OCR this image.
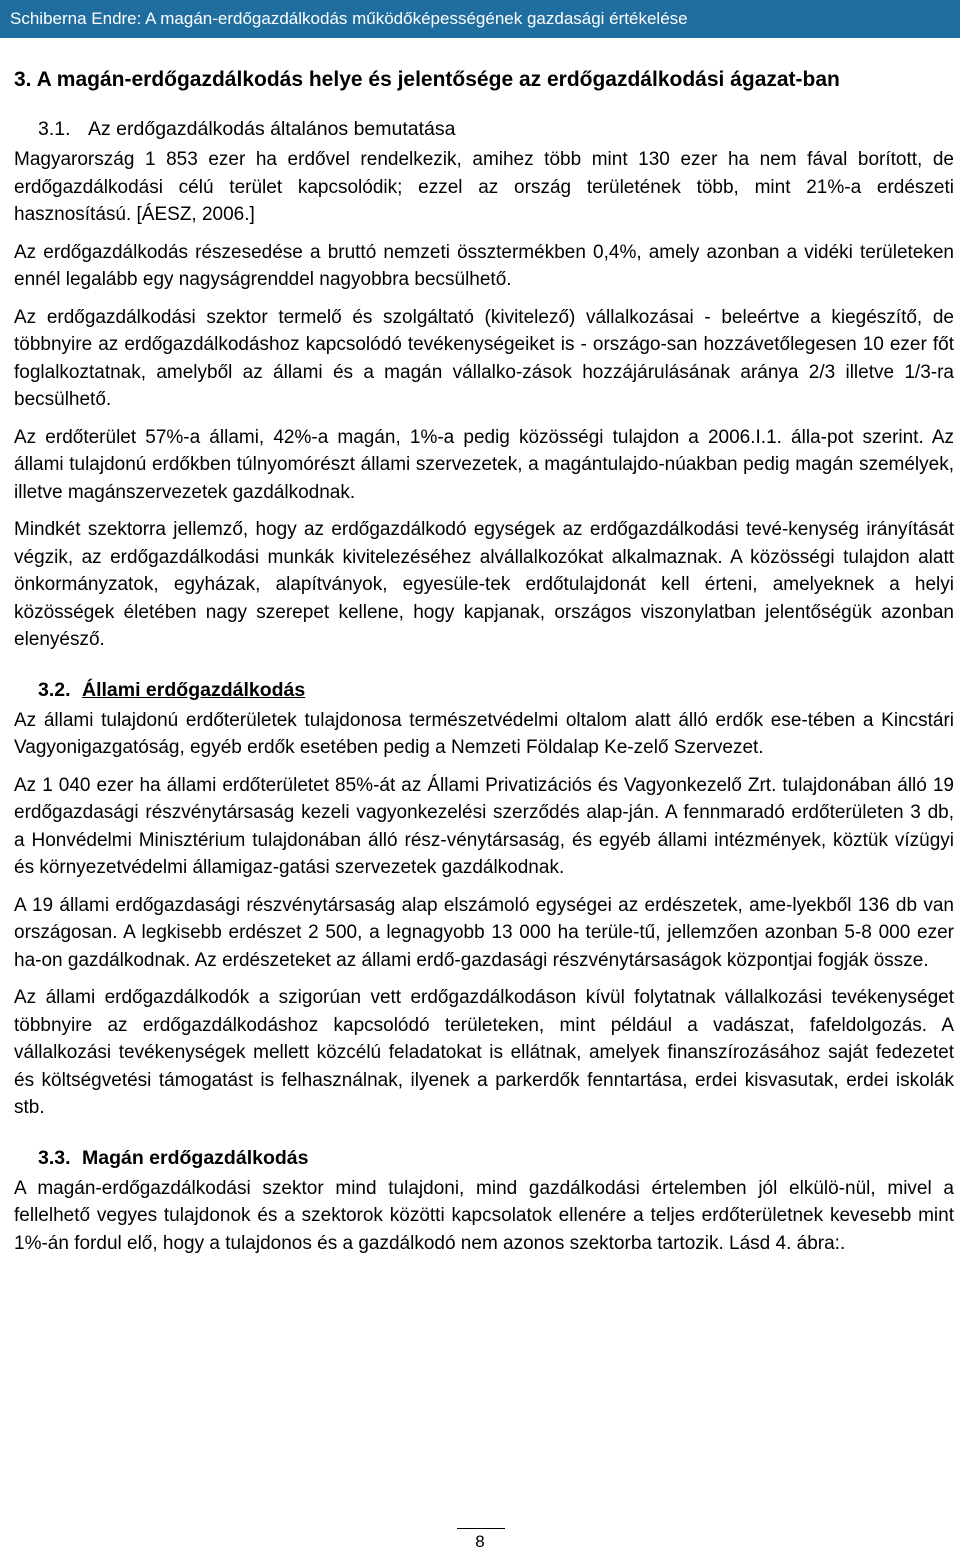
Schiberna Endre: A magán-erdőgazdálkodás működőképességének gazdasági értékelése
3. A magán-erdőgazdálkodás helye és jelentősége az erdőgazdálkodási ágazat-ban
3.1. Az erdőgazdálkodás általános bemutatása

Magyarország 1 853 ezer ha erdővel rendelkezik, amihez több mint 130 ezer ha nem fával borított, de erdőgazdálkodási célú terület kapcsolódik; ezzel az ország területének több, mint 21%-a erdészeti hasznosítású. [ÁESZ, 2006.]

Az erdőgazdálkodás részesedése a bruttó nemzeti össztermékben 0,4%, amely azonban a vidéki területeken ennél legalább egy nagyságrenddel nagyobbra becsülhető.

Az erdőgazdálkodási szektor termelő és szolgáltató (kivitelező) vállalkozásai - beleértve a kiegészítő, de többnyire az erdőgazdálkodáshoz kapcsolódó tevékenységeiket is - országo-san hozzávetőlegesen 10 ezer főt foglalkoztatnak, amelyből az állami és a magán vállalko-zások hozzájárulásának aránya 2/3 illetve 1/3-ra becsülhető.

Az erdőterület 57%-a állami, 42%-a magán, 1%-a pedig közösségi tulajdon a 2006.I.1. álla-pot szerint. Az állami tulajdonú erdőkben túlnyomórészt állami szervezetek, a magántulajdo-núakban pedig magán személyek, illetve magánszervezetek gazdálkodnak.

Mindkét szektorra jellemző, hogy az erdőgazdálkodó egységek az erdőgazdálkodási tevé-kenység irányítását végzik, az erdőgazdálkodási munkák kivitelezéséhez alvállalkozókat alkalmaznak. A közösségi tulajdon alatt önkormányzatok, egyházak, alapítványok, egyesüle-tek erdőtulajdonát kell érteni, amelyeknek a helyi közösségek életében nagy szerepet kellene, hogy kapjanak, országos viszonylatban jelentőségük azonban elenyésző.

3.2. Állami erdőgazdálkodás

Az állami tulajdonú erdőterületek tulajdonosa természetvédelmi oltalom alatt álló erdők ese-tében a Kincstári Vagyonigazgatóság, egyéb erdők esetében pedig a Nemzeti Földalap Ke-zelő Szervezet.

Az 1 040 ezer ha állami erdőterületet 85%-át az Állami Privatizációs és Vagyonkezelő Zrt. tulajdonában álló 19 erdőgazdasági részvénytársaság kezeli vagyonkezelési szerződés alap-ján. A fennmaradó erdőterületen 3 db, a Honvédelmi Minisztérium tulajdonában álló rész-vénytársaság, és egyéb állami intézmények, köztük vízügyi és környezetvédelmi államigaz-gatási szervezetek gazdálkodnak.

A 19 állami erdőgazdasági részvénytársaság alap elszámoló egységei az erdészetek, ame-lyekből 136 db van országosan. A legkisebb erdészet 2 500, a legnagyobb 13 000 ha terüle-tű, jellemzően azonban 5-8 000 ezer ha-on gazdálkodnak. Az erdészeteket az állami erdő-gazdasági részvénytársaságok központjai fogják össze.

Az állami erdőgazdálkodók a szigorúan vett erdőgazdálkodáson kívül folytatnak vállalkozási tevékenységet többnyire az erdőgazdálkodáshoz kapcsolódó területeken, mint például a vadászat, fafeldolgozás. A vállalkozási tevékenységek mellett közcélú feladatokat is ellátnak, amelyek finanszírozásához saját fedezetet és költségvetési támogatást is felhasználnak, ilyenek a parkerdők fenntartása, erdei kisvasutak, erdei iskolák stb.

3.3. Magán erdőgazdálkodás

A magán-erdőgazdálkodási szektor mind tulajdoni, mind gazdálkodási értelemben jól elkülö-nül, mivel a fellelhető vegyes tulajdonok és a szektorok közötti kapcsolatok ellenére a teljes erdőterületnek kevesebb mint 1%-án fordul elő, hogy a tulajdonos és a gazdálkodó nem azonos szektorba tartozik. Lásd 4. ábra:.

8
